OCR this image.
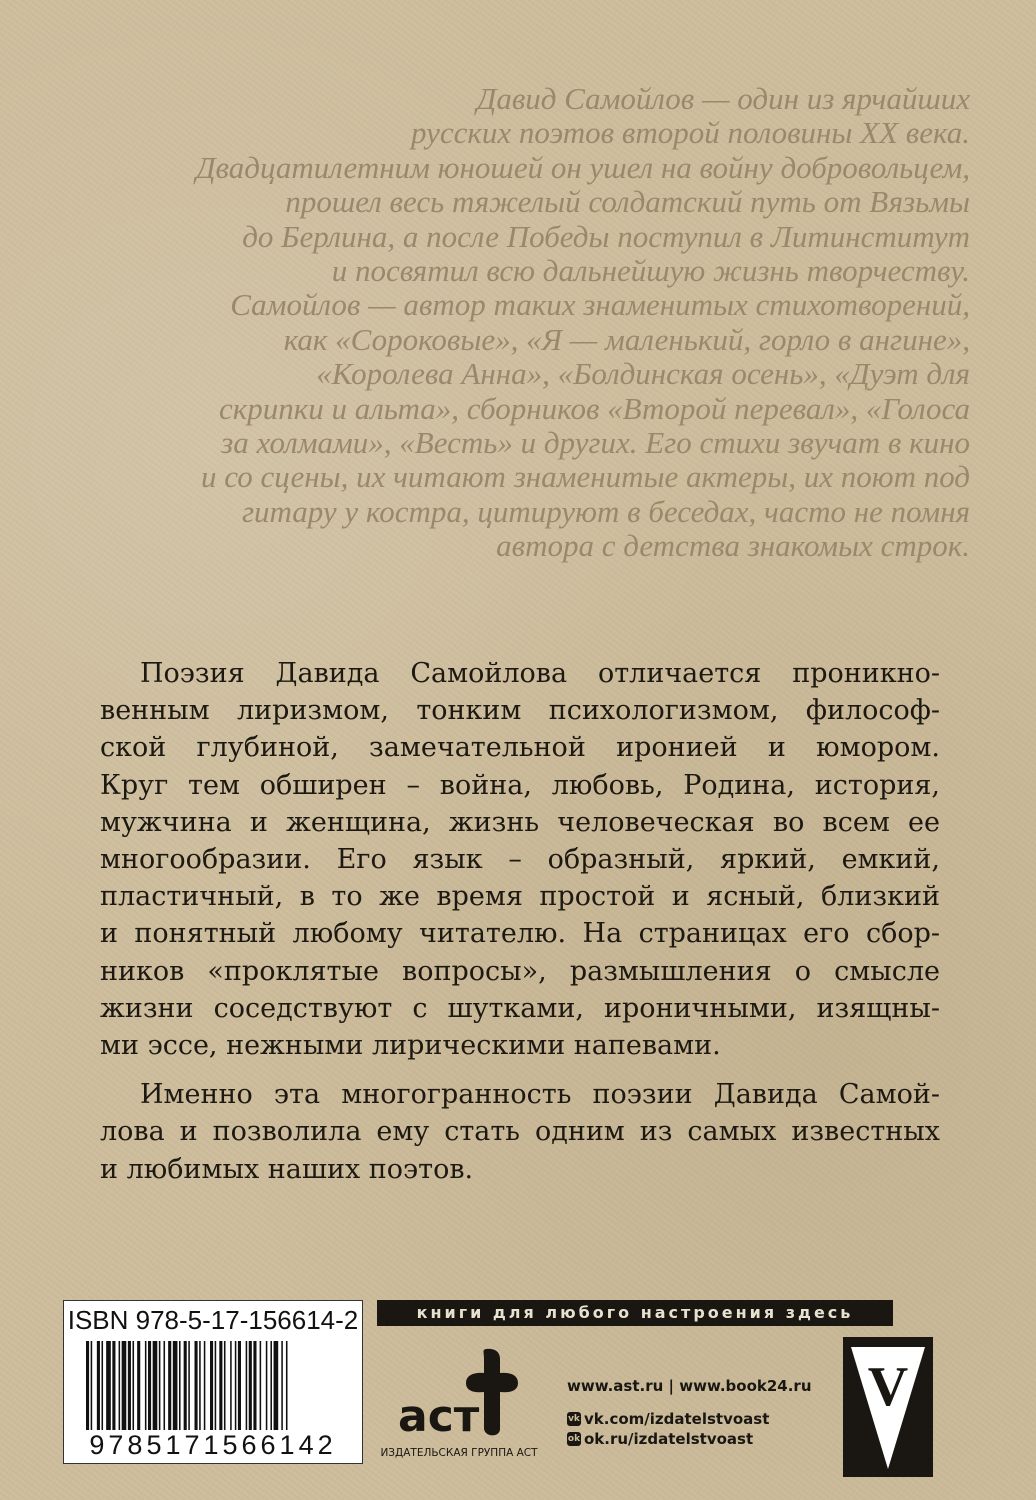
Давид Самойлов — один из ярчайших
русских поэтов второй половины XX века.
Двадцатилетним юношей он ушел на войну добровольцем,
прошел весь тяжелый солдатский путь от Вязьмы
до Берлина, а после Победы поступил в Литинститут
и посвятил всю дальнейшую жизнь творчеству.
Самойлов — автор таких знаменитых стихотворений,
как «Сороковые», «Я — маленький, горло в ангине»,
«Королева Анна», «Болдинская осень», «Дуэт для
скрипки и альта», сборников «Второй перевал», «Голоса
за холмами», «Весть» и других. Его стихи звучат в кино
и со сцены, их читают знаменитые актеры, их поют под
гитару у костра, цитируют в беседах, часто не помня
автора с детства знакомых строк.
Поэзия Давида Самойлова отличается проникно-
венным лиризмом, тонким психологизмом, философ-
ской глубиной, замечательной иронией и юмором.
Круг тем обширен – война, любовь, Родина, история,
мужчина и женщина, жизнь человеческая во всем ее
многообразии. Его язык – образный, яркий, емкий,
пластичный, в то же время простой и ясный, близкий
и понятный любому читателю. На страницах его сбор-
ников «проклятые вопросы», размышления о смысле
жизни соседствуют с шутками, ироничными, изящны-
ми эссе, нежными лирическими напевами.
Именно эта многогранность поэзии Давида Самой-
лова и позволила ему стать одним из самых известных
и любимых наших поэтов.
ISBN 978-5-17-156614-2
9785171566142
книги для любого настроения здесь
аст
ИЗДАТЕЛЬСКАЯ ГРУППА АСТ
www.ast.ru | www.book24.ru
vk vk.com/izdatelstvoast
ok ok.ru/izdatelstvoast
V
